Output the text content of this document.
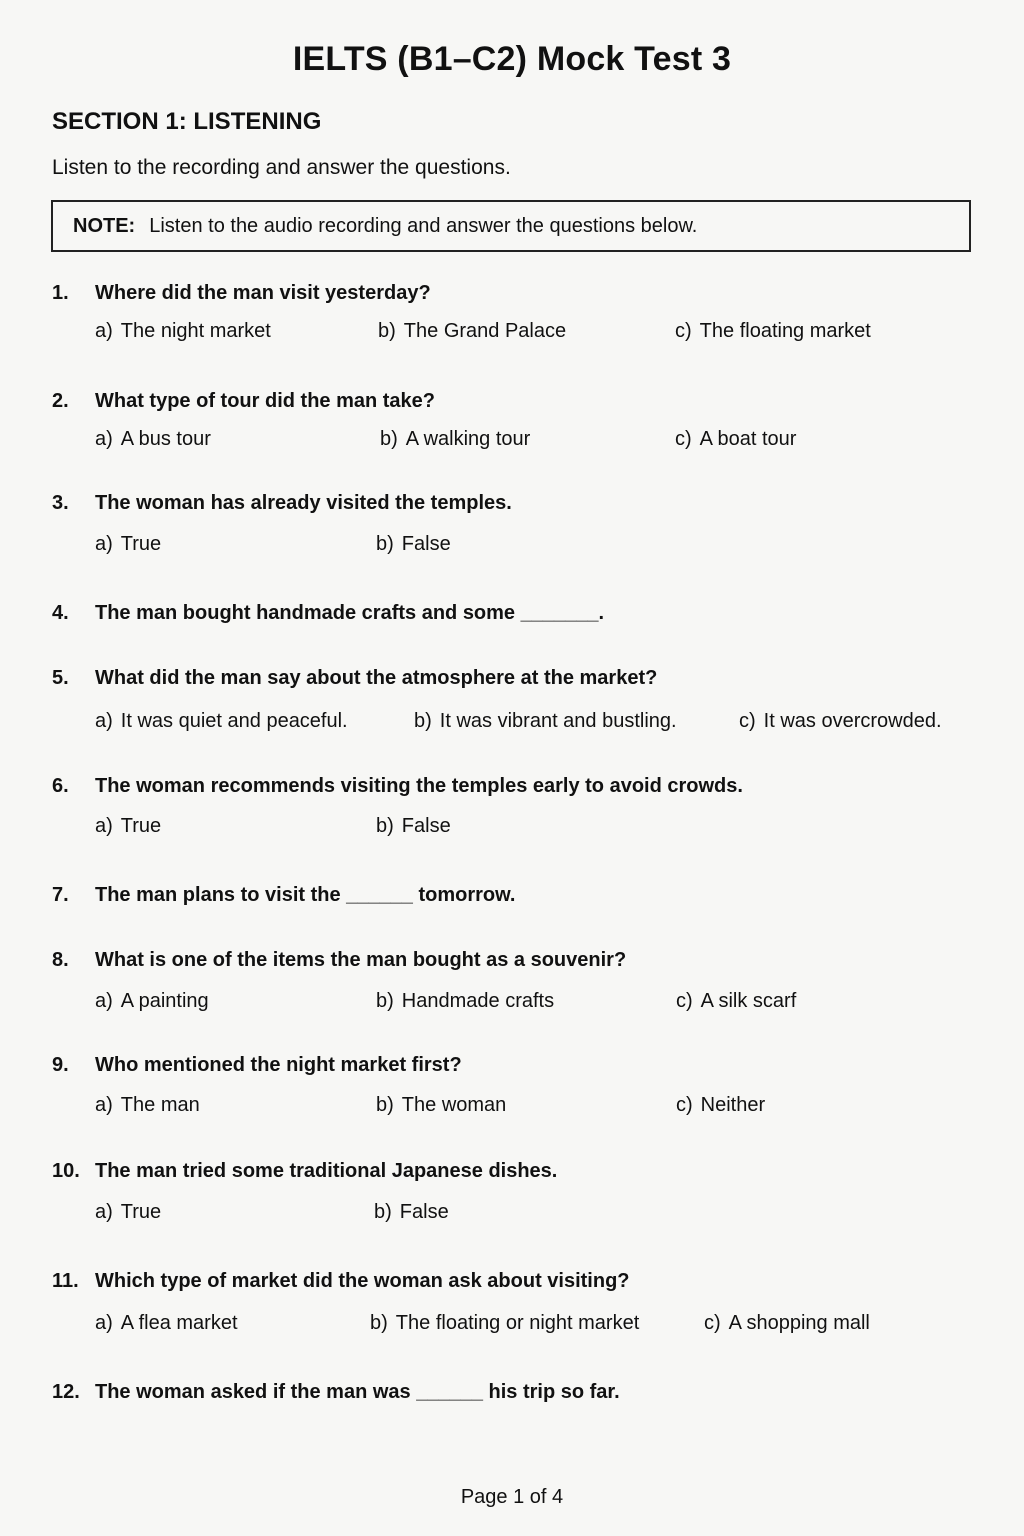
IELTS (B1–C2) Mock Test 3
SECTION 1: LISTENING
Listen to the recording and answer the questions.
NOTE: Listen to the audio recording and answer the questions below.
1.	Where did the man visit yesterday?
a) The night market	b) The Grand Palace	c) The floating market
2.	What type of tour did the man take?
a) A bus tour	b) A walking tour	c) A boat tour
3.	The woman has already visited the temples.
a) True	b) False
4.	The man bought handmade crafts and some _______.
5.	What did the man say about the atmosphere at the market?
a) It was quiet and peaceful.	b) It was vibrant and bustling.	c) It was overcrowded.
6.	The woman recommends visiting the temples early to avoid crowds.
a) True	b) False
7.	The man plans to visit the ______ tomorrow.
8.	What is one of the items the man bought as a souvenir?
a) A painting	b) Handmade crafts	c) A silk scarf
9.	Who mentioned the night market first?
a) The man	b) The woman	c) Neither
10. The man tried some traditional Japanese dishes.
a) True	b) False
11. Which type of market did the woman ask about visiting?
a) A flea market	b) The floating or night market	c) A shopping mall
12. The woman asked if the man was ______ his trip so far.
Page 1 of 4
